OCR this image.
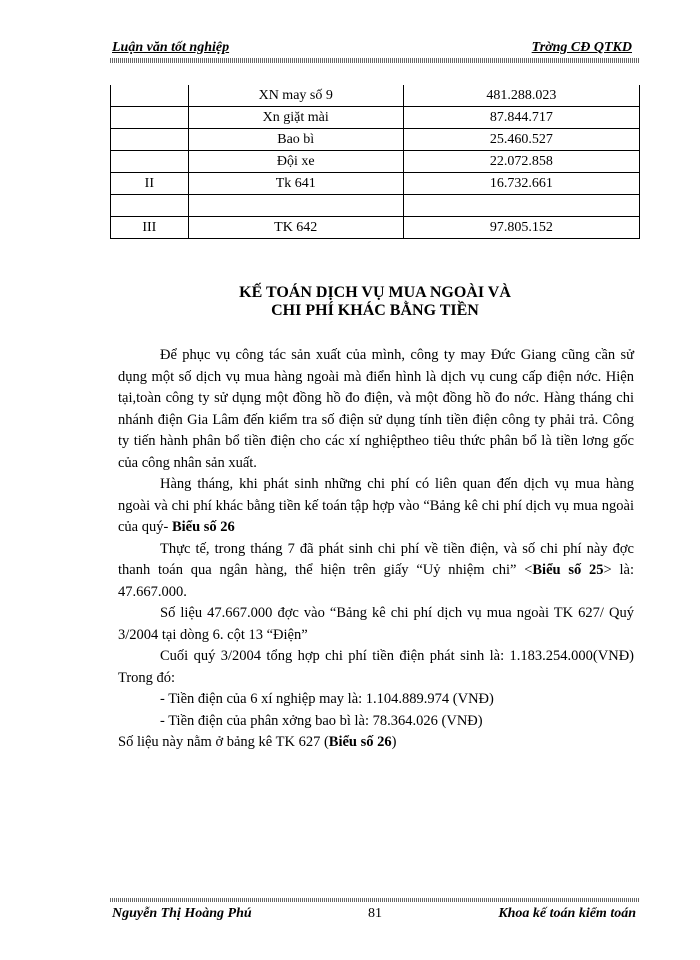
Luận văn tốt nghiệp	Trờng CĐ QTKD
	XN may số 9	481.288.023
	Xn giặt mài	87.844.717
	Bao bì	25.460.527
	Đội xe	22.072.858
II	Tk 641	16.732.661

III	TK 642	97.805.152
KẾ TOÁN DỊCH VỤ MUA NGOÀI VÀ
CHI PHÍ KHÁC BẰNG TIỀN

Để phục vụ công tác sản xuất của mình, công ty may Đức Giang cũng cần sử dụng một số dịch vụ mua hàng ngoài mà điển hình là dịch vụ cung cấp điện nớc. Hiện tại,toàn công ty sử dụng một đồng hồ đo điện, và một đồng hồ đo nớc. Hàng tháng chi nhánh điện Gia Lâm đến kiểm tra số điện sử dụng tính tiền điện công ty phải trả. Công ty tiến hành phân bổ tiền điện cho các xí nghiệptheo tiêu thức phân bổ là tiền lơng gốc của công nhân sản xuất.

Hàng tháng, khi phát sinh những chi phí có liên quan đến dịch vụ mua hàng ngoài và chi phí khác bằng tiền kế toán tập hợp vào “Bảng kê chi phí dịch vụ mua ngoài của quý- Biểu số 26

Thực tế, trong tháng 7 đã phát sinh chi phí về tiền điện, và số chi phí này đợc thanh toán qua ngân hàng, thể hiện trên giấy “Uỷ nhiệm chi” <Biểu số 25> là: 47.667.000.

Số liệu 47.667.000 đợc vào “Bảng kê chi phí dịch vụ mua ngoài TK 627/ Quý 3/2004 tại dòng 6. cột 13 “Điện”

Cuối quý 3/2004 tổng hợp chi phí tiền điện phát sinh là: 1.183.254.000(VNĐ) Trong đó:

- Tiền điện của 6 xí nghiệp may là: 1.104.889.974 (VNĐ)

- Tiền điện của phân xởng bao bì là: 78.364.026 (VNĐ)

Số liệu này nằm ở bảng kê TK 627 (Biểu số 26)

Nguyễn Thị Hoàng Phú	81	Khoa kế toán kiểm toán
